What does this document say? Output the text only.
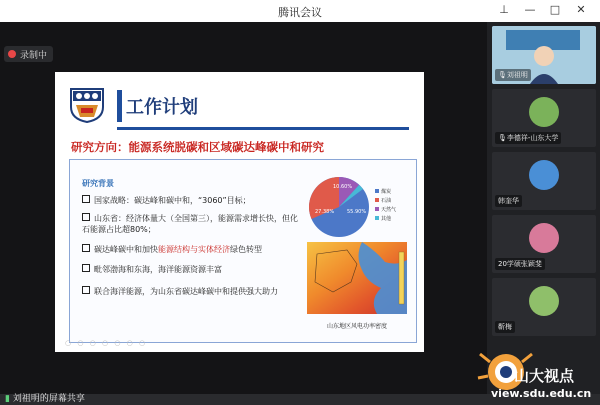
腾讯会议	⊥ — □ ✕
录制中
工作计划
研究方向：能源系统脱碳和区域碳达峰碳中和研究
○ ○ ○ ○ ○ ○ ○
研究背景
国家战略：碳达峰和碳中和，“3060”目标；
山东省：经济体量大（全国第三），能源需求增长快，但化石能源占比超80%；
碳达峰碳中和加快能源结构与实体经济绿色转型
毗邻渤海和东海，海洋能源资源丰富
联合海洋能源，为山东省碳达峰碳中和提供强大助力
10.60%
27.38%	55.90%
煤炭
石油
天然气
其他
山东地区风电功率密度
🎙刘祖明
🎙李德祥-山东大学
韩奎华
20学硕张颖斐
靳梅
▮ 刘祖明的屏幕共享
山大视点
view.sdu.edu.cn
